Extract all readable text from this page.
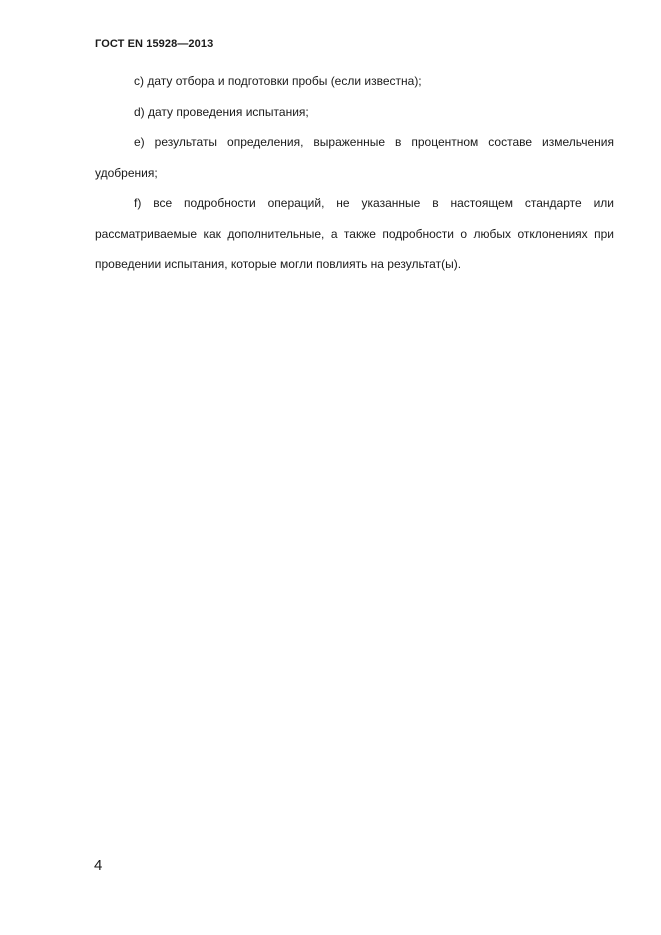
ГОСТ EN 15928—2013

с) дату отбора и подготовки пробы (если известна);

d) дату проведения испытания;

е) результаты определения, выраженные в процентном составе измельчения удобрения;

f) все подробности операций, не указанные в настоящем стандарте или рассматриваемые как дополнительные, а также подробности о любых отклонениях при проведении испытания, которые могли повлиять на результат(ы).

4
